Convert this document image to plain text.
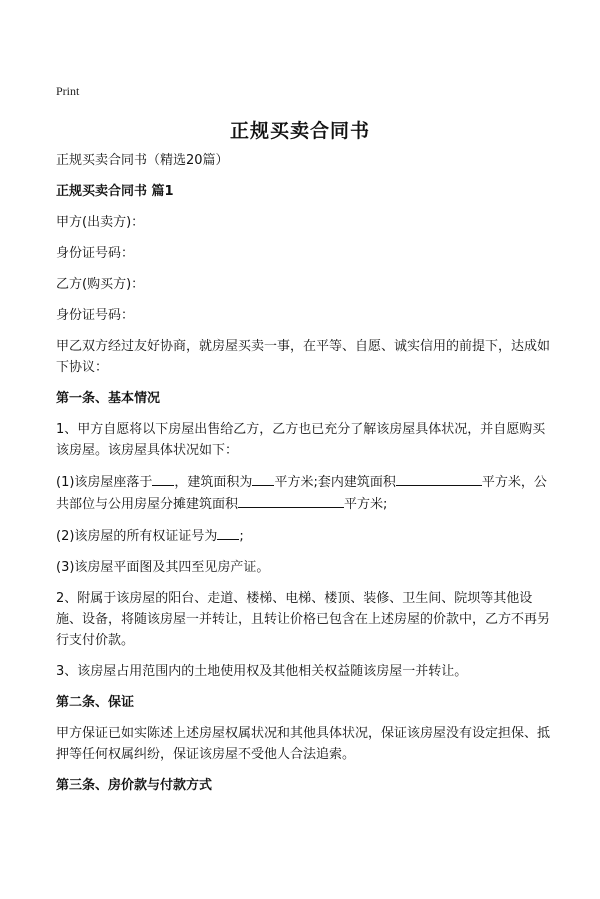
Print
正规买卖合同书

正规买卖合同书（精选20篇）

正规买卖合同书 篇1

甲方(出卖方)：

身份证号码：

乙方(购买方)：

身份证号码：

甲乙双方经过友好协商，就房屋买卖一事，在平等、自愿、诚实信用的前提下，达成如下协议：

第一条、基本情况

1、甲方自愿将以下房屋出售给乙方，乙方也已充分了解该房屋具体状况，并自愿购买该房屋。该房屋具体状况如下：

(1)该房屋座落于 ，建筑面积为 平方米;套内建筑面积	平方米，公共部位与公用房屋分摊建筑面积	平方米;

(2)该房屋的所有权证证号为 ;

(3)该房屋平面图及其四至见房产证。

2、附属于该房屋的阳台、走道、楼梯、电梯、楼顶、装修、卫生间、院坝等其他设施、设备，将随该房屋一并转让，且转让价格已包含在上述房屋的价款中，乙方不再另行支付价款。

3、该房屋占用范围内的土地使用权及其他相关权益随该房屋一并转让。

第二条、保证

甲方保证已如实陈述上述房屋权属状况和其他具体状况，保证该房屋没有设定担保、抵押等任何权属纠纷，保证该房屋不受他人合法追索。

第三条、房价款与付款方式
